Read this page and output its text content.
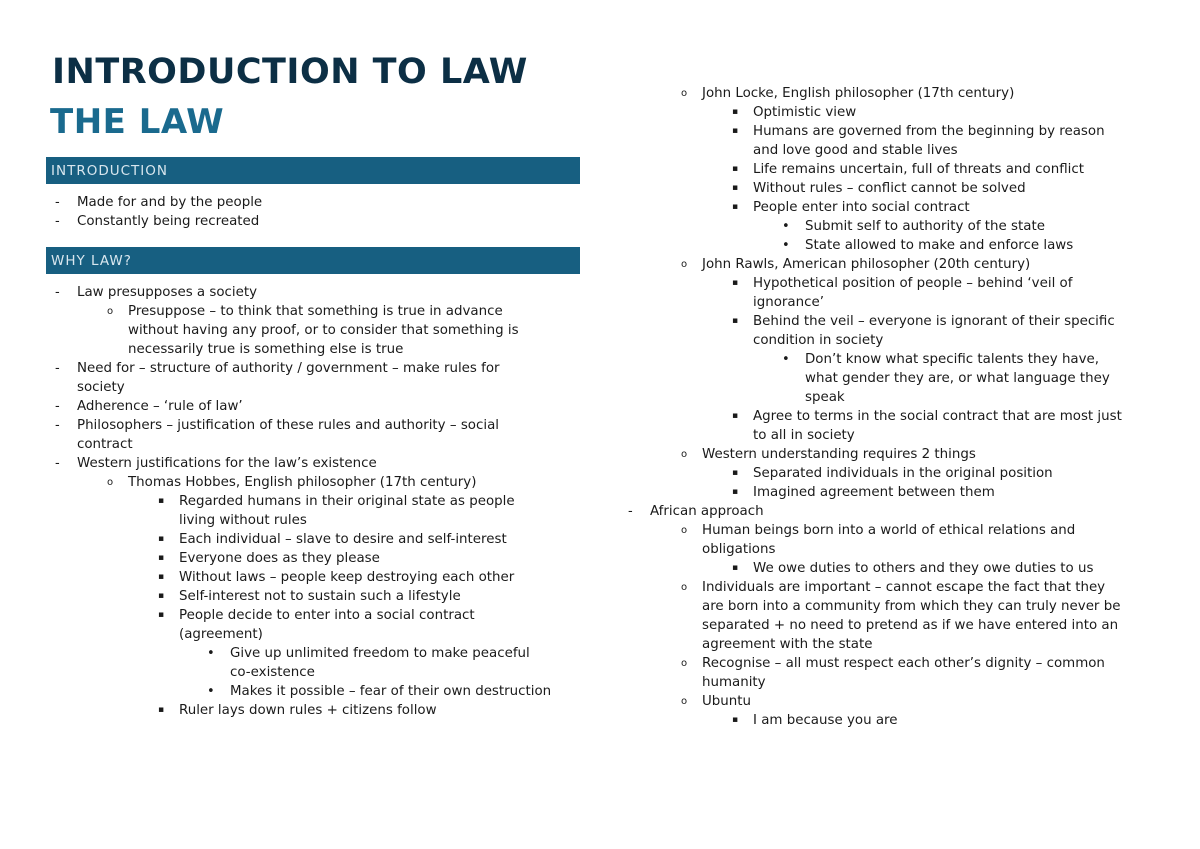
INTRODUCTION TO LAW
THE LAW
INTRODUCTION
- Made for and by the people
- Constantly being recreated
WHY LAW?
- Law presupposes a society
o Presuppose – to think that something is true in advance
without having any proof, or to consider that something is
necessarily true is something else is true
- Need for – structure of authority / government – make rules for
society
- Adherence – ‘rule of law’
- Philosophers – justification of these rules and authority – social
contract
- Western justifications for the law’s existence
o Thomas Hobbes, English philosopher (17th century)
▪ Regarded humans in their original state as people
living without rules
▪ Each individual – slave to desire and self-interest
▪ Everyone does as they please
▪ Without laws – people keep destroying each other
▪ Self-interest not to sustain such a lifestyle
▪ People decide to enter into a social contract
(agreement)
• Give up unlimited freedom to make peaceful
co-existence
• Makes it possible – fear of their own destruction
▪ Ruler lays down rules + citizens follow
o John Locke, English philosopher (17th century)
▪ Optimistic view
▪ Humans are governed from the beginning by reason
and love good and stable lives
▪ Life remains uncertain, full of threats and conflict
▪ Without rules – conflict cannot be solved
▪ People enter into social contract
• Submit self to authority of the state
• State allowed to make and enforce laws
o John Rawls, American philosopher (20th century)
▪ Hypothetical position of people – behind ‘veil of
ignorance’
▪ Behind the veil – everyone is ignorant of their specific
condition in society
• Don’t know what specific talents they have,
what gender they are, or what language they
speak
▪ Agree to terms in the social contract that are most just
to all in society
o Western understanding requires 2 things
▪ Separated individuals in the original position
▪ Imagined agreement between them
- African approach
o Human beings born into a world of ethical relations and
obligations
▪ We owe duties to others and they owe duties to us
o Individuals are important – cannot escape the fact that they
are born into a community from which they can truly never be
separated + no need to pretend as if we have entered into an
agreement with the state
o Recognise – all must respect each other’s dignity – common
humanity
o Ubuntu
▪ I am because you are
